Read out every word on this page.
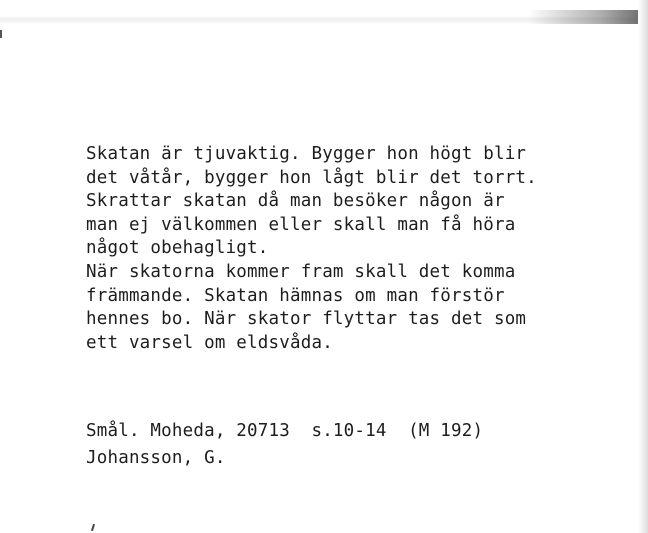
Skatan är tjuvaktig. Bygger hon högt blir
det våtår, bygger hon lågt blir det torrt.
Skrattar skatan då man besöker någon är
man ej välkommen eller skall man få höra
något obehagligt.
När skatorna kommer fram skall det komma
främmande. Skatan hämnas om man förstör
hennes bo. När skator flyttar tas det som
ett varsel om eldsvåda.
Smål. Moheda, 20713  s.10-14  (M 192)
Johansson, G.
